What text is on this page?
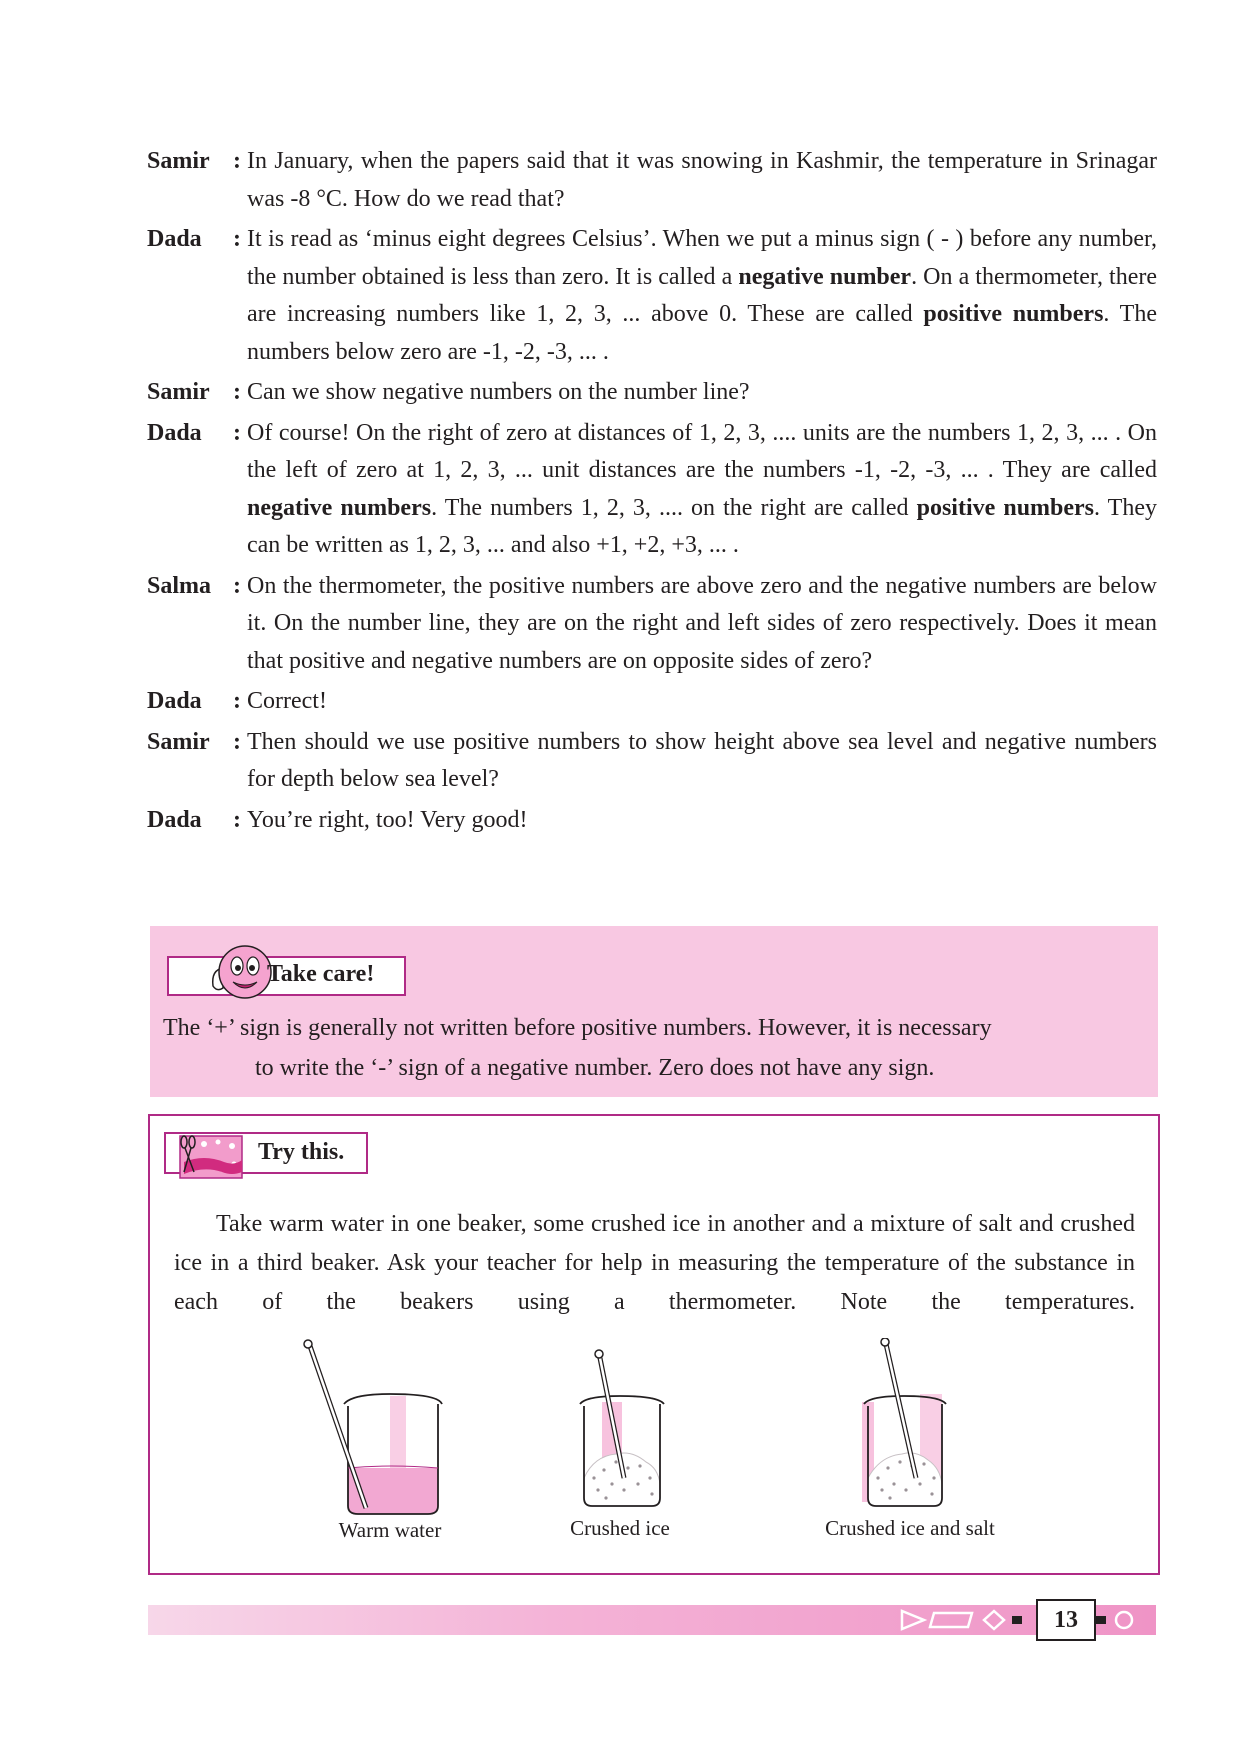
Samir : In January, when the papers said that it was snowing in Kashmir, the temperature in Srinagar was -8 °C. How do we read that?
Dada	: It is read as ‘minus eight degrees Celsius’. When we put a minus sign ( - ) before any number, the number obtained is less than zero. It is called a negative number. On a thermometer, there are increasing numbers like 1, 2, 3, ... above 0. These are called positive numbers. The numbers below zero are -1, -2, -3, ... .
Samir : Can we show negative numbers on the number line?
Dada	: Of course! On the right of zero at distances of 1, 2, 3, .... units are the numbers 1, 2, 3, ... . On the left of zero at 1, 2, 3, ... unit distances are the numbers -1, -2, -3, ... . They are called negative numbers. The numbers 1, 2, 3, .... on the right are called positive numbers. They can be written as 1, 2, 3, ... and also +1, +2, +3, ... .
Salma : On the thermometer, the positive numbers are above zero and the negative numbers are below it. On the number line, they are on the right and left sides of zero respectively. Does it mean that positive and negative numbers are on opposite sides of zero?
Dada	: Correct!
Samir : Then should we use positive numbers to show height above sea level and negative numbers for depth below sea level?
Dada	: You’re right, too! Very good!
Take care!
The ‘+’ sign is generally not written before positive numbers. However, it is necessary
to write the ‘-’ sign of a negative number. Zero does not have any sign.
Try this.
Take warm water in one beaker, some crushed ice in another and a mixture of salt and crushed ice in a third beaker. Ask your teacher for help in measuring the temperature of the substance in each of the beakers using a thermometer. Note the temperatures.
Warm water	Crushed ice	Crushed ice and salt
13
